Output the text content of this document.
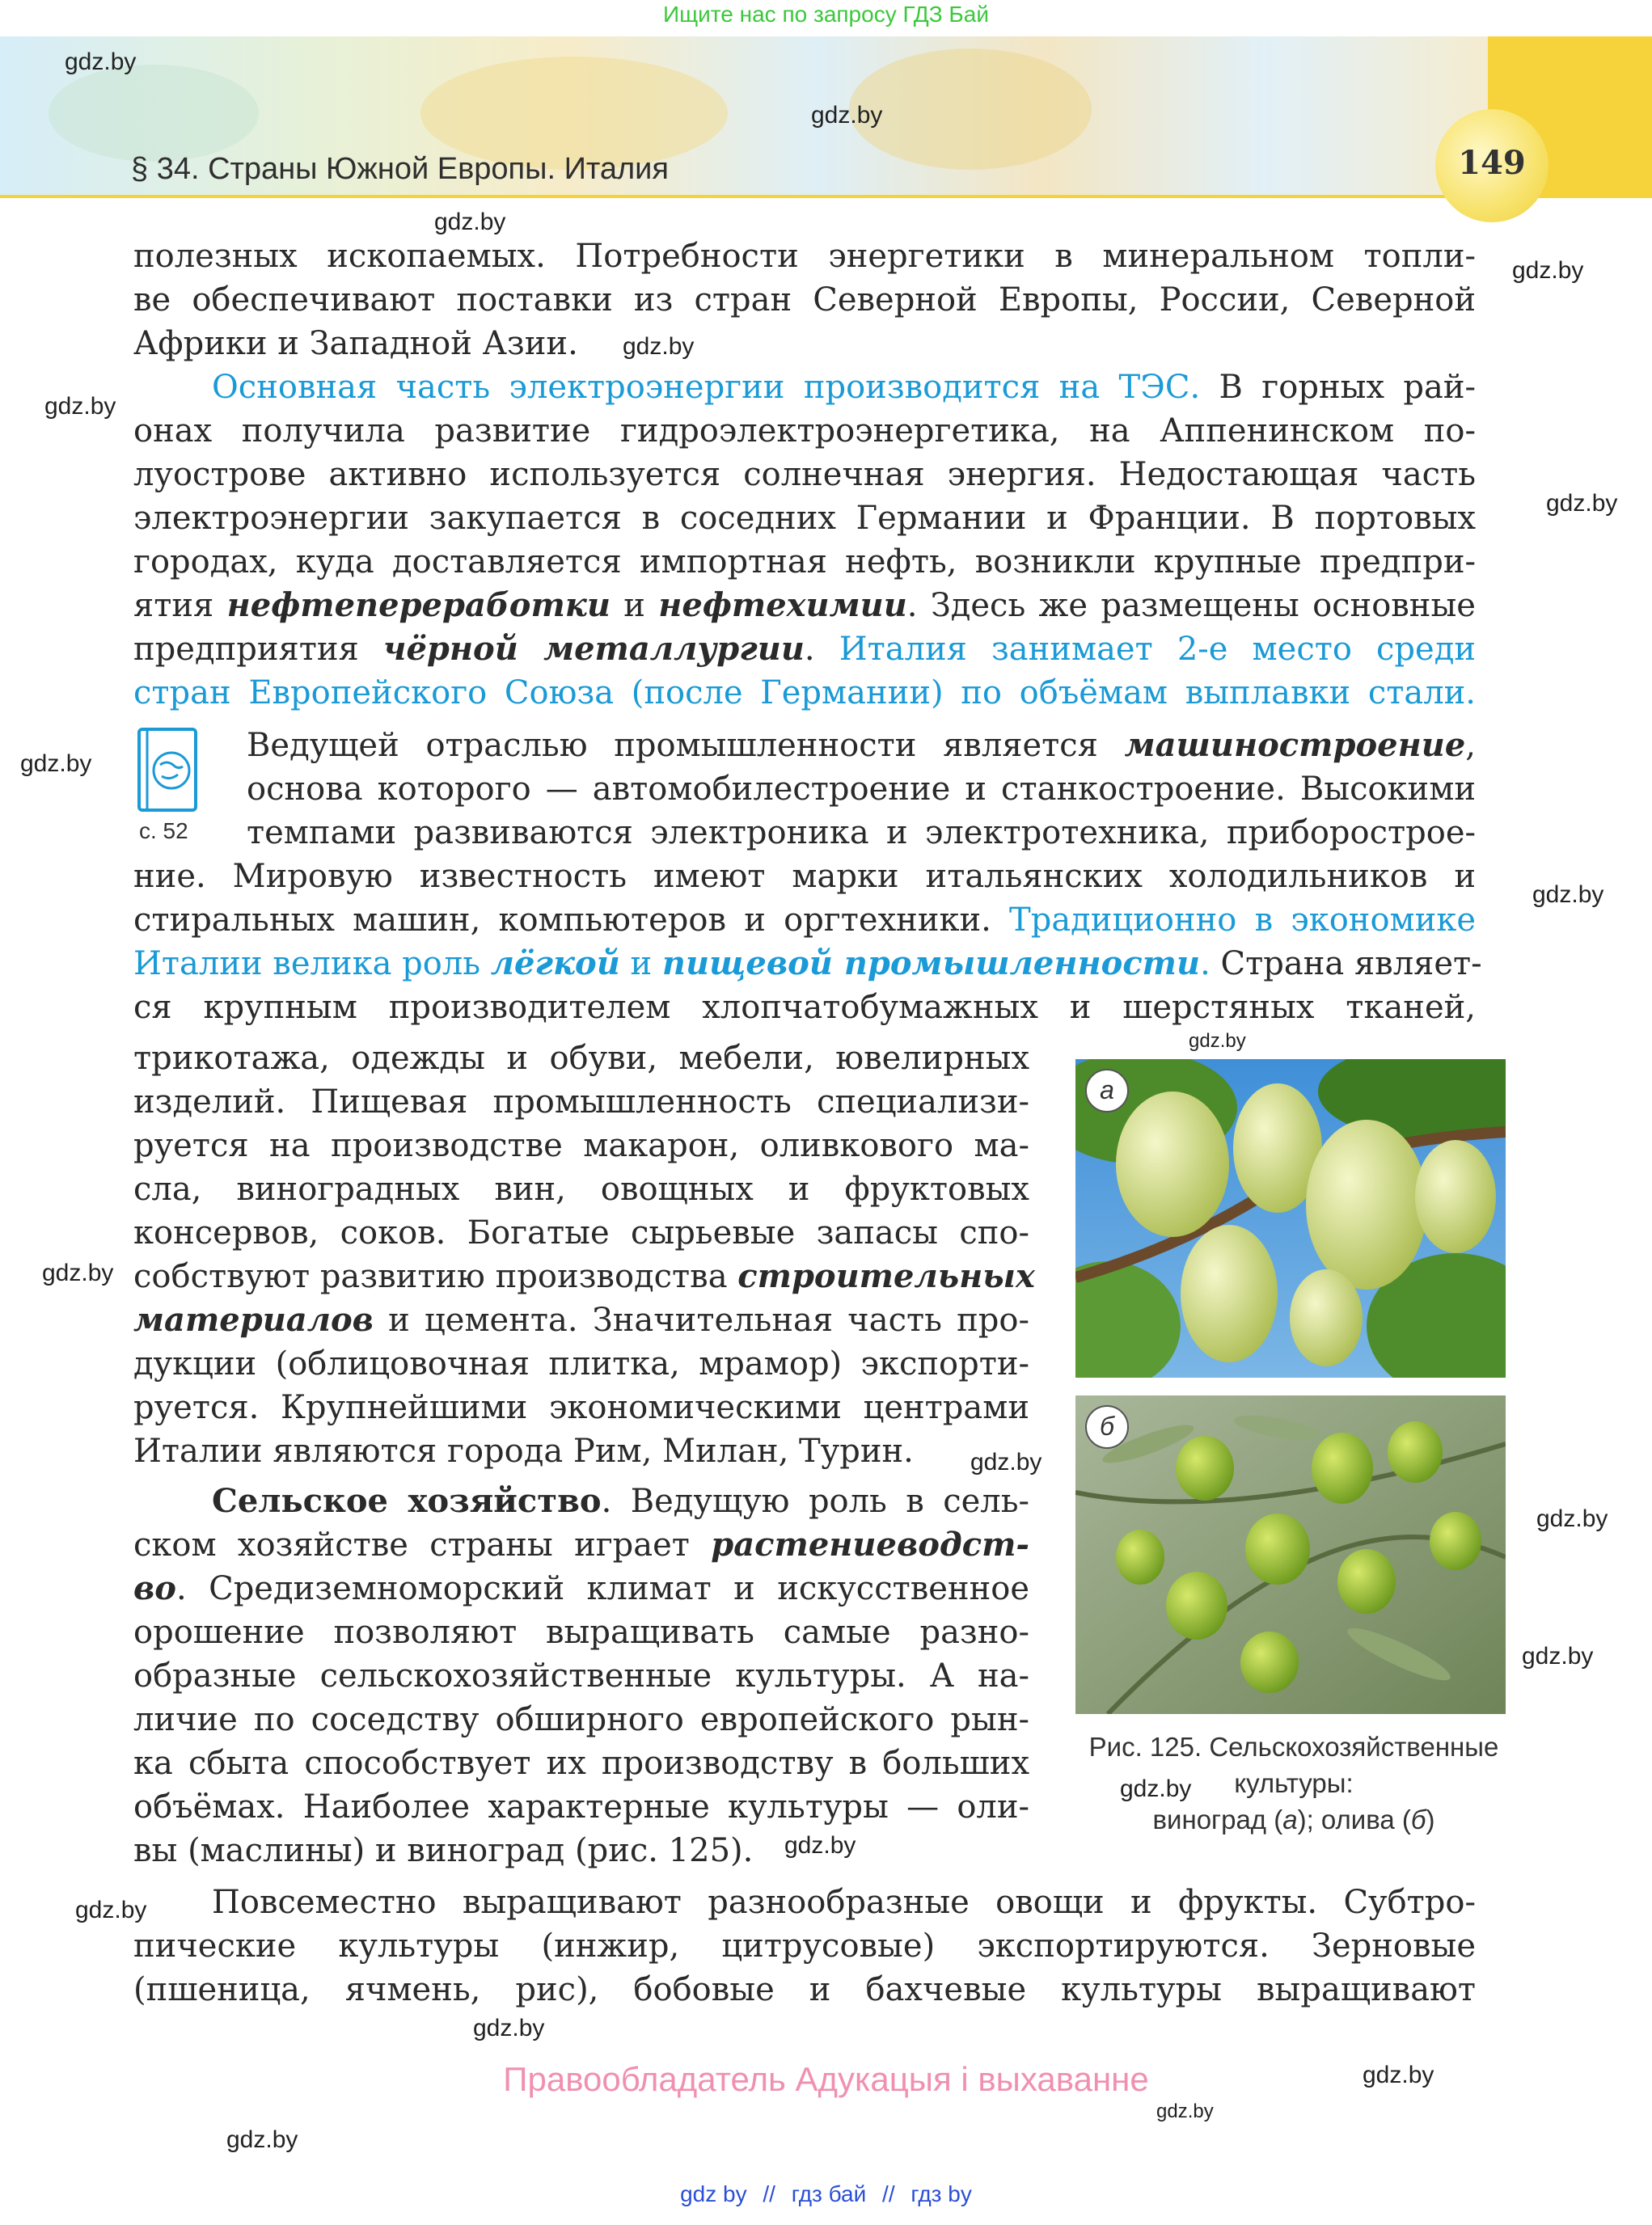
Ищите нас по запросу ГДЗ Бай
§ 34. Страны Южной Европы. Италия	149
полезных ископаемых. Потребности энергетики в минеральном топли-
ве обеспечивают поставки из стран Северной Европы, России, Северной
Африки и Западной Азии.
Основная часть электроэнергии производится на ТЭС. В горных рай-
онах получила развитие гидроэлектроэнергетика, на Аппенинском по-
луострове активно используется солнечная энергия. Недостающая часть
электроэнергии закупается в соседних Германии и Франции. В портовых
городах, куда доставляется импортная нефть, возникли крупные предпри-
ятия нефтепереработки и нефтехимии. Здесь же размещены основные
предприятия чёрной металлургии. Италия занимает 2-е место среди
стран Европейского Союза (после Германии) по объёмам выплавки стали.
Ведущей отраслью промышленности является машиностроение,
основа которого — автомобилестроение и станкостроение. Высокими
темпами развиваются электроника и электротехника, приборострое-
ние. Мировую известность имеют марки итальянских холодильников и
стиральных машин, компьютеров и оргтехники. Традиционно в экономике
Италии велика роль лёгкой и пищевой промышленности. Страна являет-
ся крупным производителем хлопчатобумажных и шерстяных тканей,
трикотажа, одежды и обуви, мебели, ювелирных
изделий. Пищевая промышленность специализи-
руется на производстве макарон, оливкового ма-
сла, виноградных вин, овощных и фруктовых
консервов, соков. Богатые сырьевые запасы спо-
собствуют развитию производства строительных
материалов и цемента. Значительная часть про-
дукции (облицовочная плитка, мрамор) экспорти-
руется. Крупнейшими экономическими центрами
Италии являются города Рим, Милан, Турин.
Сельское хозяйство. Ведущую роль в сель-
ском хозяйстве страны играет растениеводст-
во. Средиземноморский климат и искусственное
орошение позволяют выращивать самые разно-
образные сельскохозяйственные культуры. А на-
личие по соседству обширного европейского рын-
ка сбыта способствует их производству в больших
объёмах. Наиболее характерные культуры — оли-
вы (маслины) и виноград (рис. 125).
Повсеместно выращивают разнообразные овощи и фрукты. Субтро-
пические культуры (инжир, цитрусовые) экспортируются. Зерновые
(пшеница, ячмень, рис), бобовые и бахчевые культуры выращивают
с. 52
а
б
Рис. 125. Сельскохозяйственные
культуры:
виноград (а); олива (б)
gdz.by
gdz.by
gdz.by
gdz.by
gdz.by
gdz.by
gdz.by
gdz.by
gdz.by
gdz.by
gdz.by
gdz.by
gdz.by
gdz.by
gdz.by
gdz.by
gdz.by
gdz.by
gdz.by
gdz.by
gdz.by
Правообладатель Адукацыя і выхаванне
gdz by // гдз бай // гдз by
